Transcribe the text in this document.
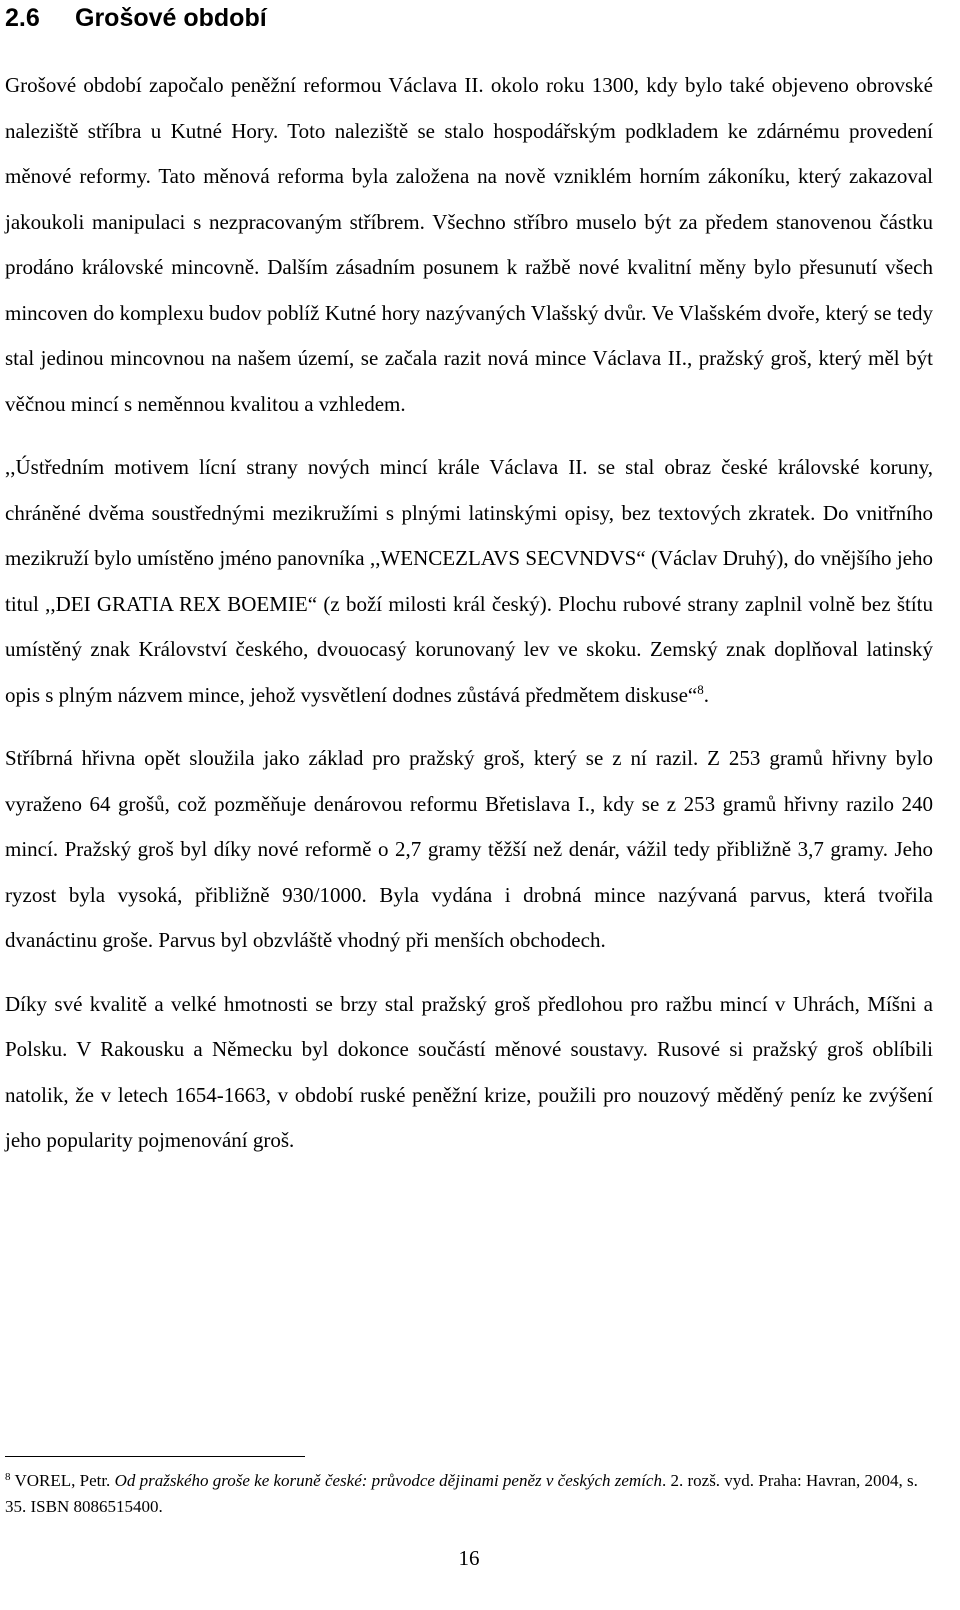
2.6 Grošové období

Grošové období započalo peněžní reformou Václava II. okolo roku 1300, kdy bylo také objeveno obrovské naleziště stříbra u Kutné Hory. Toto naleziště se stalo hospodářským podkladem ke zdárnému provedení měnové reformy. Tato měnová reforma byla založena na nově vzniklém horním zákoníku, který zakazoval jakoukoli manipulaci s nezpracovaným stříbrem. Všechno stříbro muselo být za předem stanovenou částku prodáno královské mincovně. Dalším zásadním posunem k ražbě nové kvalitní měny bylo přesunutí všech mincoven do komplexu budov poblíž Kutné hory nazývaných Vlašský dvůr. Ve Vlašském dvoře, který se tedy stal jedinou mincovnou na našem území, se začala razit nová mince Václava II., pražský groš, který měl být věčnou mincí s neměnnou kvalitou a vzhledem.

,,Ústředním motivem lícní strany nových mincí krále Václava II. se stal obraz české královské koruny, chráněné dvěma soustřednými mezikružími s plnými latinskými opisy, bez textových zkratek. Do vnitřního mezikruží bylo umístěno jméno panovníka ,,WENCEZLAVS SECVNDVS“ (Václav Druhý), do vnějšího jeho titul ,,DEI GRATIA REX BOEMIE“ (z boží milosti král český). Plochu rubové strany zaplnil volně bez štítu umístěný znak Království českého, dvouocasý korunovaný lev ve skoku. Zemský znak doplňoval latinský opis s plným názvem mince, jehož vysvětlení dodnes zůstává předmětem diskuse“$^8$.

Stříbrná hřivna opět sloužila jako základ pro pražský groš, který se z ní razil. Z 253 gramů hřivny bylo vyraženo 64 grošů, což pozměňuje denárovou reformu Břetislava I., kdy se z 253 gramů hřivny razilo 240 mincí. Pražský groš byl díky nové reformě o 2,7 gramy těžší než denár, vážil tedy přibližně 3,7 gramy. Jeho ryzost byla vysoká, přibližně 930/1000. Byla vydána i drobná mince nazývaná parvus, která tvořila dvanáctinu groše. Parvus byl obzvláště vhodný při menších obchodech.

Díky své kvalitě a velké hmotnosti se brzy stal pražský groš předlohou pro ražbu mincí v Uhrách, Míšni a Polsku. V Rakousku a Německu byl dokonce součástí měnové soustavy. Rusové si pražský groš oblíbili natolik, že v letech 1654-1663, v období ruské peněžní krize, použili pro nouzový měděný peníz ke zvýšení jeho popularity pojmenování groš.

$^8$ VOREL, Petr. Od pražského groše ke koruně české: průvodce dějinami peněz v českých zemích. 2. rozš. vyd. Praha: Havran, 2004, s. 35. ISBN 8086515400.

16
